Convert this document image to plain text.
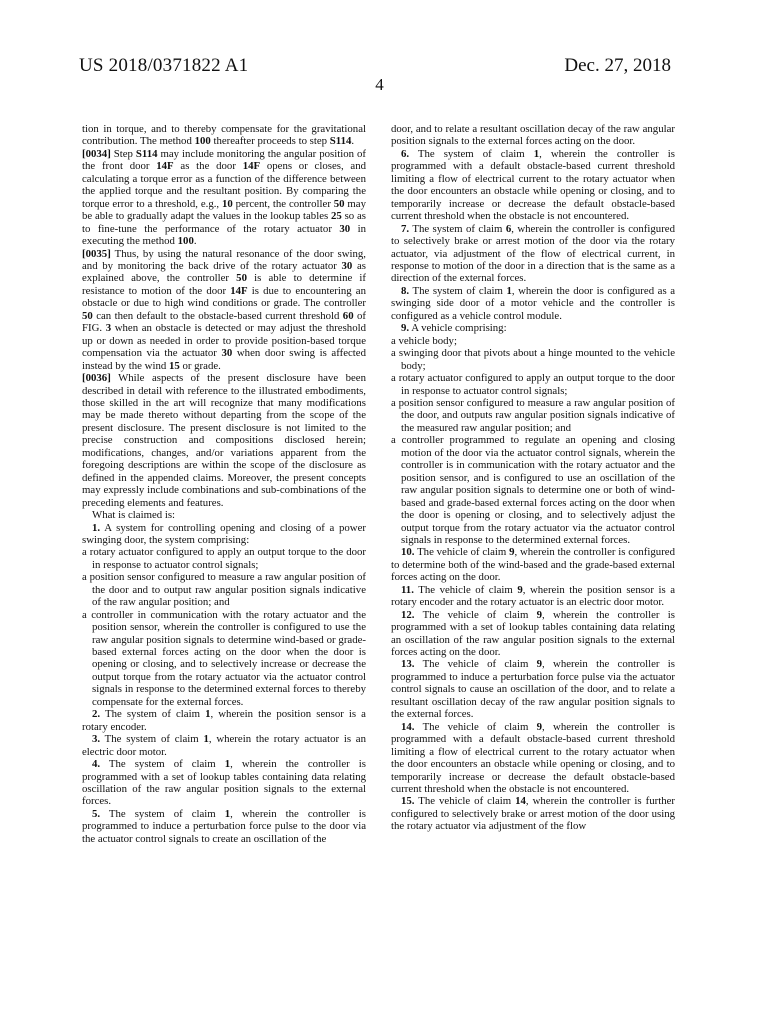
US 2018/0371822 A1	Dec. 27, 2018
4

tion in torque, and to thereby compensate for the gravitational contribution. The method 100 thereafter proceeds to step S114.

[0034] Step S114 may include monitoring the angular position of the front door 14F as the door 14F opens or closes, and calculating a torque error as a function of the difference between the applied torque and the resultant position. By comparing the torque error to a threshold, e.g., 10 percent, the controller 50 may be able to gradually adapt the values in the lookup tables 25 so as to fine-tune the performance of the rotary actuator 30 in executing the method 100.

[0035] Thus, by using the natural resonance of the door swing, and by monitoring the back drive of the rotary actuator 30 as explained above, the controller 50 is able to determine if resistance to motion of the door 14F is due to encountering an obstacle or due to high wind conditions or grade. The controller 50 can then default to the obstacle-based current threshold 60 of FIG. 3 when an obstacle is detected or may adjust the threshold up or down as needed in order to provide position-based torque compensation via the actuator 30 when door swing is affected instead by the wind 15 or grade.

[0036] While aspects of the present disclosure have been described in detail with reference to the illustrated embodiments, those skilled in the art will recognize that many modifications may be made thereto without departing from the scope of the present disclosure. The present disclosure is not limited to the precise construction and compositions disclosed herein; modifications, changes, and/or variations apparent from the foregoing descriptions are within the scope of the disclosure as defined in the appended claims. Moreover, the present concepts may expressly include combinations and sub-combinations of the preceding elements and features.

What is claimed is:

1. A system for controlling opening and closing of a power swinging door, the system comprising:

a rotary actuator configured to apply an output torque to the door in response to actuator control signals;

a position sensor configured to measure a raw angular position of the door and to output raw angular position signals indicative of the raw angular position; and

a controller in communication with the rotary actuator and the position sensor, wherein the controller is configured to use the raw angular position signals to determine wind-based or grade-based external forces acting on the door when the door is opening or closing, and to selectively increase or decrease the output torque from the rotary actuator via the actuator control signals in response to the determined external forces to thereby compensate for the external forces.

2. The system of claim 1, wherein the position sensor is a rotary encoder.

3. The system of claim 1, wherein the rotary actuator is an electric door motor.

4. The system of claim 1, wherein the controller is programmed with a set of lookup tables containing data relating oscillation of the raw angular position signals to the external forces.

5. The system of claim 1, wherein the controller is programmed to induce a perturbation force pulse to the door via the actuator control signals to create an oscillation of the

door, and to relate a resultant oscillation decay of the raw angular position signals to the external forces acting on the door.

6. The system of claim 1, wherein the controller is programmed with a default obstacle-based current threshold limiting a flow of electrical current to the rotary actuator when the door encounters an obstacle while opening or closing, and to temporarily increase or decrease the default obstacle-based current threshold when the obstacle is not encountered.

7. The system of claim 6, wherein the controller is configured to selectively brake or arrest motion of the door via the rotary actuator, via adjustment of the flow of electrical current, in response to motion of the door in a direction that is the same as a direction of the external forces.

8. The system of claim 1, wherein the door is configured as a swinging side door of a motor vehicle and the controller is configured as a vehicle control module.

9. A vehicle comprising:

a vehicle body;

a swinging door that pivots about a hinge mounted to the vehicle body;

a rotary actuator configured to apply an output torque to the door in response to actuator control signals;

a position sensor configured to measure a raw angular position of the door, and outputs raw angular position signals indicative of the measured raw angular position; and

a controller programmed to regulate an opening and closing motion of the door via the actuator control signals, wherein the controller is in communication with the rotary actuator and the position sensor, and is configured to use an oscillation of the raw angular position signals to determine one or both of wind-based and grade-based external forces acting on the door when the door is opening or closing, and to selectively adjust the output torque from the rotary actuator via the actuator control signals in response to the determined external forces.

10. The vehicle of claim 9, wherein the controller is configured to determine both of the wind-based and the grade-based external forces acting on the door.

11. The vehicle of claim 9, wherein the position sensor is a rotary encoder and the rotary actuator is an electric door motor.

12. The vehicle of claim 9, wherein the controller is programmed with a set of lookup tables containing data relating an oscillation of the raw angular position signals to the external forces acting on the door.

13. The vehicle of claim 9, wherein the controller is programmed to induce a perturbation force pulse via the actuator control signals to cause an oscillation of the door, and to relate a resultant oscillation decay of the raw angular position signals to the external forces.

14. The vehicle of claim 9, wherein the controller is programmed with a default obstacle-based current threshold limiting a flow of electrical current to the rotary actuator when the door encounters an obstacle while opening or closing, and to temporarily increase or decrease the default obstacle-based current threshold when the obstacle is not encountered.

15. The vehicle of claim 14, wherein the controller is further configured to selectively brake or arrest motion of the door using the rotary actuator via adjustment of the flow
